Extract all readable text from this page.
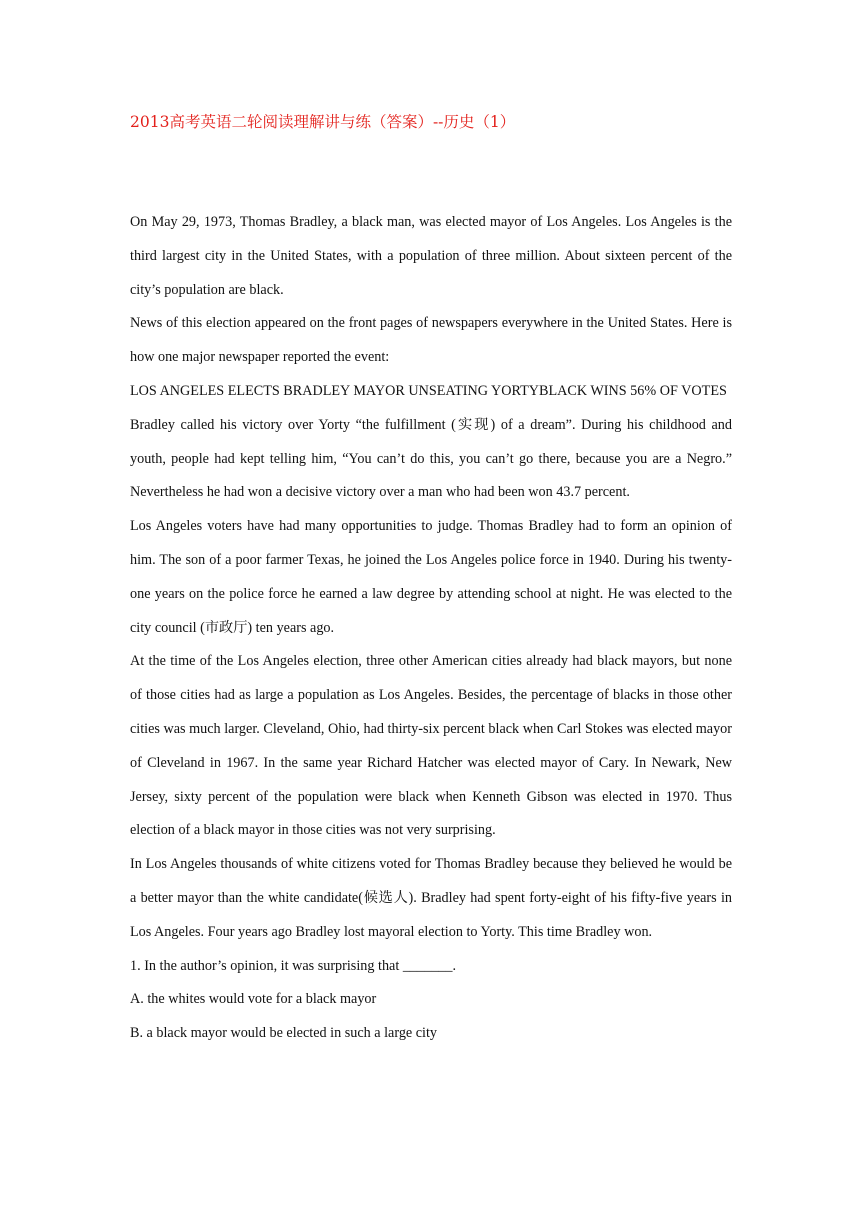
2013高考英语二轮阅读理解讲与练（答案）--历史（1）

On May 29, 1973, Thomas Bradley, a black man, was elected mayor of Los Angeles. Los Angeles is the third largest city in the United States, with a population of three million. About sixteen percent of the city’s population are black.

News of this election appeared on the front pages of newspapers everywhere in the United States. Here is how one major newspaper reported the event:

LOS ANGELES ELECTS BRADLEY MAYOR UNSEATING YORTYBLACK WINS 56% OF VOTES

Bradley called his victory over Yorty “the fulfillment (实现) of a dream”. During his childhood and youth, people had kept telling him, “You can’t do this, you can’t go there, because you are a Negro.” Nevertheless he had won a decisive victory over a man who had been won 43.7 percent.

Los Angeles voters have had many opportunities to judge. Thomas Bradley had to form an opinion of him. The son of a poor farmer Texas, he joined the Los Angeles police force in 1940. During his twenty-one years on the police force he earned a law degree by attending school at night. He was elected to the city council (市政厅) ten years ago.

At the time of the Los Angeles election, three other American cities already had black mayors, but none of those cities had as large a population as Los Angeles. Besides, the percentage of blacks in those other cities was much larger. Cleveland, Ohio, had thirty-six percent black when Carl Stokes was elected mayor of Cleveland in 1967. In the same year Richard Hatcher was elected mayor of Cary. In Newark, New Jersey, sixty percent of the population were black when Kenneth Gibson was elected in 1970. Thus election of a black mayor in those cities was not very surprising.

In Los Angeles thousands of white citizens voted for Thomas Bradley because they believed he would be a better mayor than the white candidate(候选人). Bradley had spent forty-eight of his fifty-five years in Los Angeles. Four years ago Bradley lost mayoral election to Yorty. This time Bradley won.

1. In the author’s opinion, it was surprising that _______.

A. the whites would vote for a black mayor

B. a black mayor would be elected in such a large city
